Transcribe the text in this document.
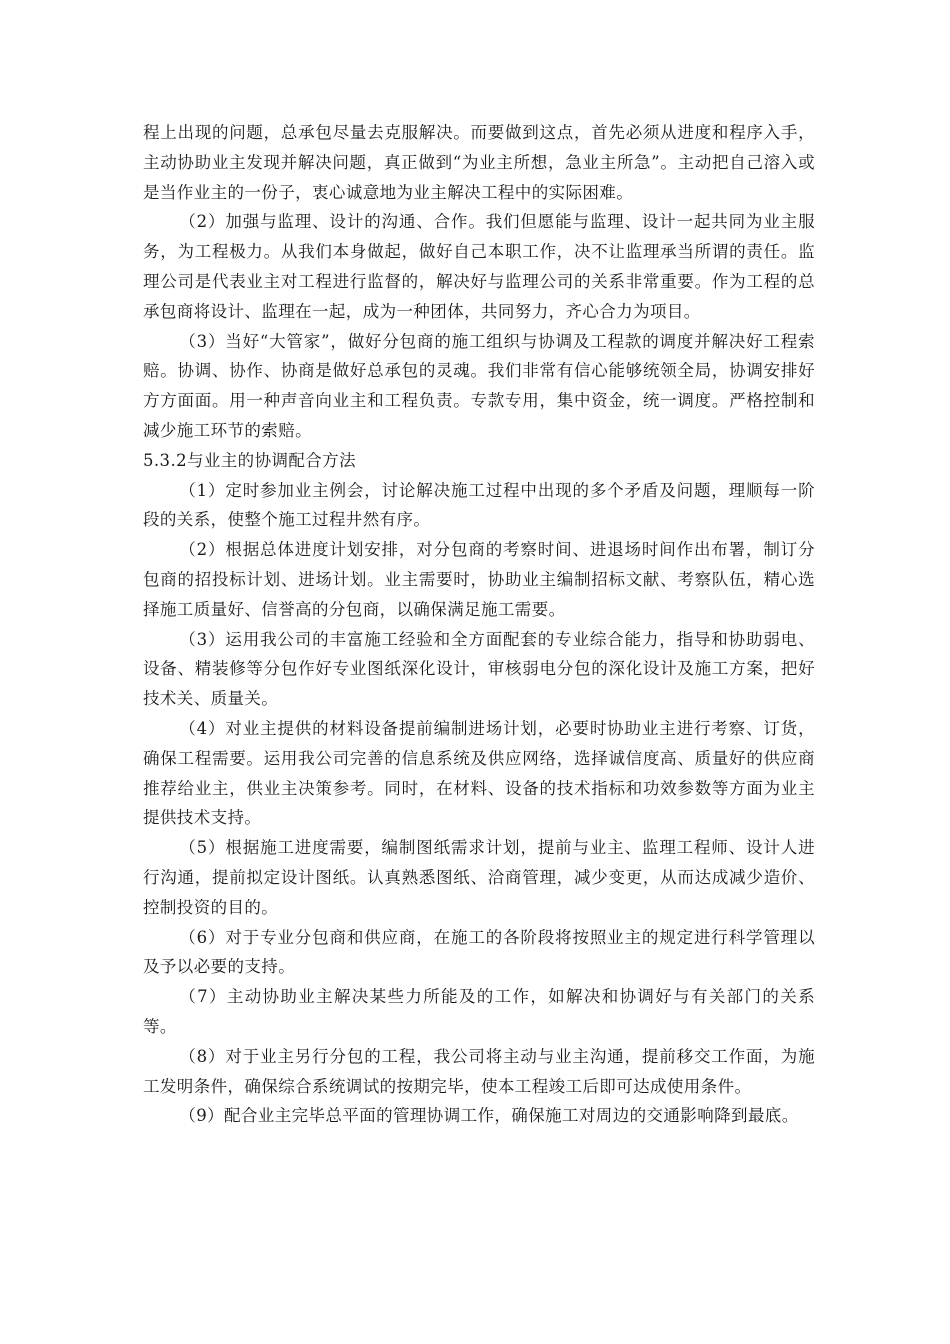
程上出现的问题，总承包尽量去克服解决。而要做到这点，首先必须从进度和程序入手，主动协助业主发现并解决问题，真正做到“为业主所想，急业主所急”。主动把自己溶入或是当作业主的一份子，衷心诚意地为业主解决工程中的实际困难。

（2）加强与监理、设计的沟通、合作。我们但愿能与监理、设计一起共同为业主服务，为工程极力。从我们本身做起，做好自己本职工作，决不让监理承当所谓的责任。监理公司是代表业主对工程进行监督的，解决好与监理公司的关系非常重要。作为工程的总承包商将设计、监理在一起，成为一种团体，共同努力，齐心合力为项目。

（3）当好“大管家”，做好分包商的施工组织与协调及工程款的调度并解决好工程索赔。协调、协作、协商是做好总承包的灵魂。我们非常有信心能够统领全局，协调安排好方方面面。用一种声音向业主和工程负责。专款专用，集中资金，统一调度。严格控制和减少施工环节的索赔。

5.3.2与业主的协调配合方法

（1）定时参加业主例会，讨论解决施工过程中出现的多个矛盾及问题，理顺每一阶段的关系，使整个施工过程井然有序。

（2）根据总体进度计划安排，对分包商的考察时间、进退场时间作出布署，制订分包商的招投标计划、进场计划。业主需要时，协助业主编制招标文献、考察队伍，精心选择施工质量好、信誉高的分包商，以确保满足施工需要。

（3）运用我公司的丰富施工经验和全方面配套的专业综合能力，指导和协助弱电、设备、精装修等分包作好专业图纸深化设计，审核弱电分包的深化设计及施工方案，把好技术关、质量关。

（4）对业主提供的材料设备提前编制进场计划，必要时协助业主进行考察、订货，确保工程需要。运用我公司完善的信息系统及供应网络，选择诚信度高、质量好的供应商推荐给业主，供业主决策参考。同时，在材料、设备的技术指标和功效参数等方面为业主提供技术支持。

（5）根据施工进度需要，编制图纸需求计划，提前与业主、监理工程师、设计人进行沟通，提前拟定设计图纸。认真熟悉图纸、洽商管理，减少变更，从而达成减少造价、控制投资的目的。

（6）对于专业分包商和供应商，在施工的各阶段将按照业主的规定进行科学管理以及予以必要的支持。

（7）主动协助业主解决某些力所能及的工作，如解决和协调好与有关部门的关系等。

（8）对于业主另行分包的工程，我公司将主动与业主沟通，提前移交工作面，为施工发明条件，确保综合系统调试的按期完毕，使本工程竣工后即可达成使用条件。

（9）配合业主完毕总平面的管理协调工作，确保施工对周边的交通影响降到最底。
